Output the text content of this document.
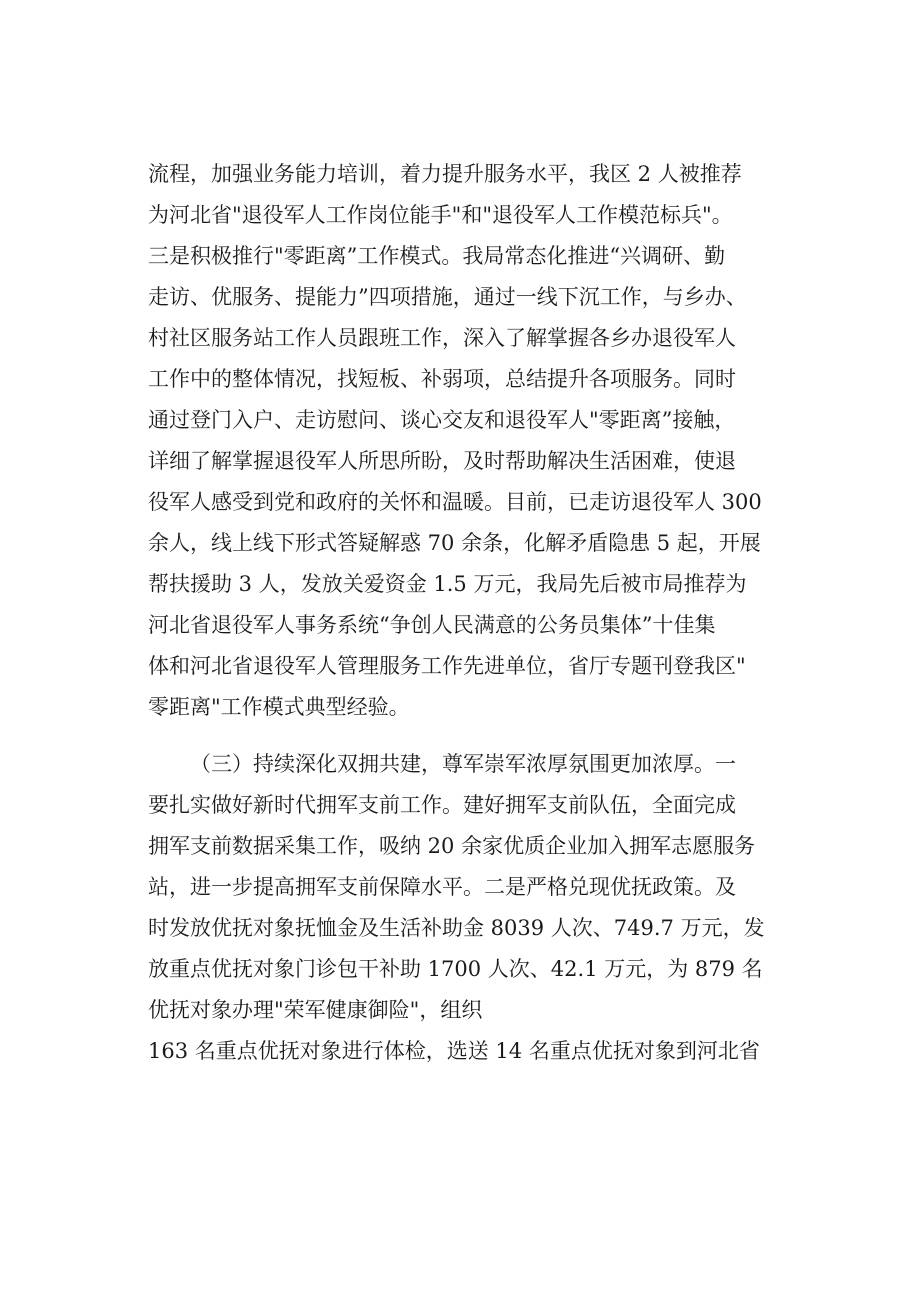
流程，加强业务能力培训，着力提升服务水平，我区 2 人被推荐
为河北省"退役军人工作岗位能手"和"退役军人工作模范标兵"。
三是积极推行"零距离”工作模式。我局常态化推进“兴调研、勤
走访、优服务、提能力”四项措施，通过一线下沉工作，与乡办、
村社区服务站工作人员跟班工作，深入了解掌握各乡办退役军人
工作中的整体情况，找短板、补弱项，总结提升各项服务。同时
通过登门入户、走访慰问、谈心交友和退役军人"零距离”接触，
详细了解掌握退役军人所思所盼，及时帮助解决生活困难，使退
役军人感受到党和政府的关怀和温暖。目前，已走访退役军人 300
余人，线上线下形式答疑解惑 70 余条，化解矛盾隐患 5 起，开展
帮扶援助 3 人，发放关爱资金 1.5 万元，我局先后被市局推荐为
河北省退役军人事务系统“争创人民满意的公务员集体”十佳集
体和河北省退役军人管理服务工作先进单位，省厅专题刊登我区"
零距离"工作模式典型经验。
（三）持续深化双拥共建，尊军崇军浓厚氛围更加浓厚。一
要扎实做好新时代拥军支前工作。建好拥军支前队伍，全面完成
拥军支前数据采集工作，吸纳 20 余家优质企业加入拥军志愿服务
站，进一步提高拥军支前保障水平。二是严格兑现优抚政策。及
时发放优抚对象抚恤金及生活补助金 8039 人次、749.7 万元，发
放重点优抚对象门诊包干补助 1700 人次、42.1 万元，为 879 名
优抚对象办理"荣军健康御险"，组织
163 名重点优抚对象进行体检，选送 14 名重点优抚对象到河北省
